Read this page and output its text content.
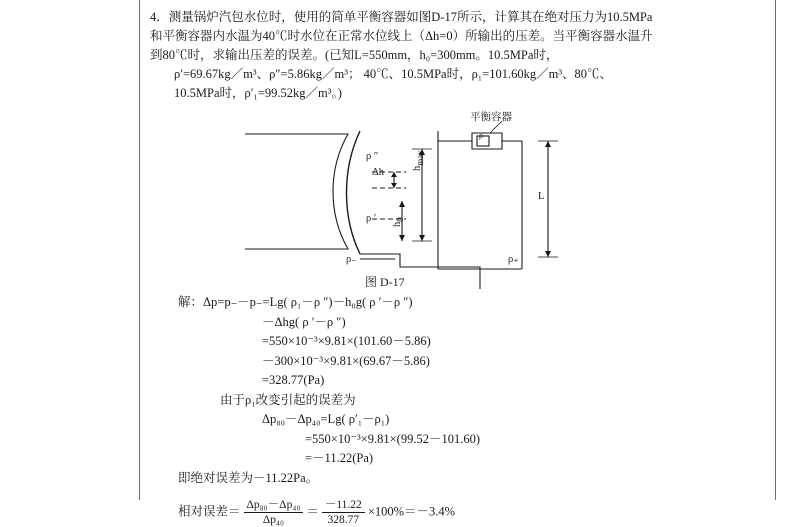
4．测量锅炉汽包水位时，使用的简单平衡容器如图D-17所示，计算其在绝对压力为10.5MPa
和平衡容器内水温为40℃时水位在正常水位线上（Δh=0）所输出的压差。当平衡容器水温升
到80℃时，求输出压差的误差。(已知L=550mm，h₀=300mm。10.5MPa时，
ρ′=69.67kg／m³、ρ″=5.86kg／m³； 40℃、10.5MPa时，ρ₁=101.60kg／m³、80℃、
10.5MPa时，ρ′₁=99.52kg／m³。)
平衡容器
ρ ″
Δh
ρ ′
hmax
h0
L
ρ₋	ρ₊
ρ
图 D-17
解：Δp=p₋－p₋=Lg( ρ₁－ρ ″)－h₀g( ρ ′－ρ ″)
－Δhg( ρ ′－ρ ″)
=550×10⁻³×9.81×(101.60－5.86)
－300×10⁻³×9.81×(69.67－5.86)
=328.77(Pa)
由于ρ₁改变引起的误差为
Δp₈₀－Δp₄₀=Lg( ρ′₁－ρ₁)
=550×10⁻³×9.81×(99.52－101.60)
=－11.22(Pa)
即绝对误差为－11.22Pa。
相对误差＝ $\frac{\text{Δp₈₀－Δp₄₀}}{\text{Δp₄₀}} = \frac{-11.22}{328.77} \times 100\%=-3.4\%$
